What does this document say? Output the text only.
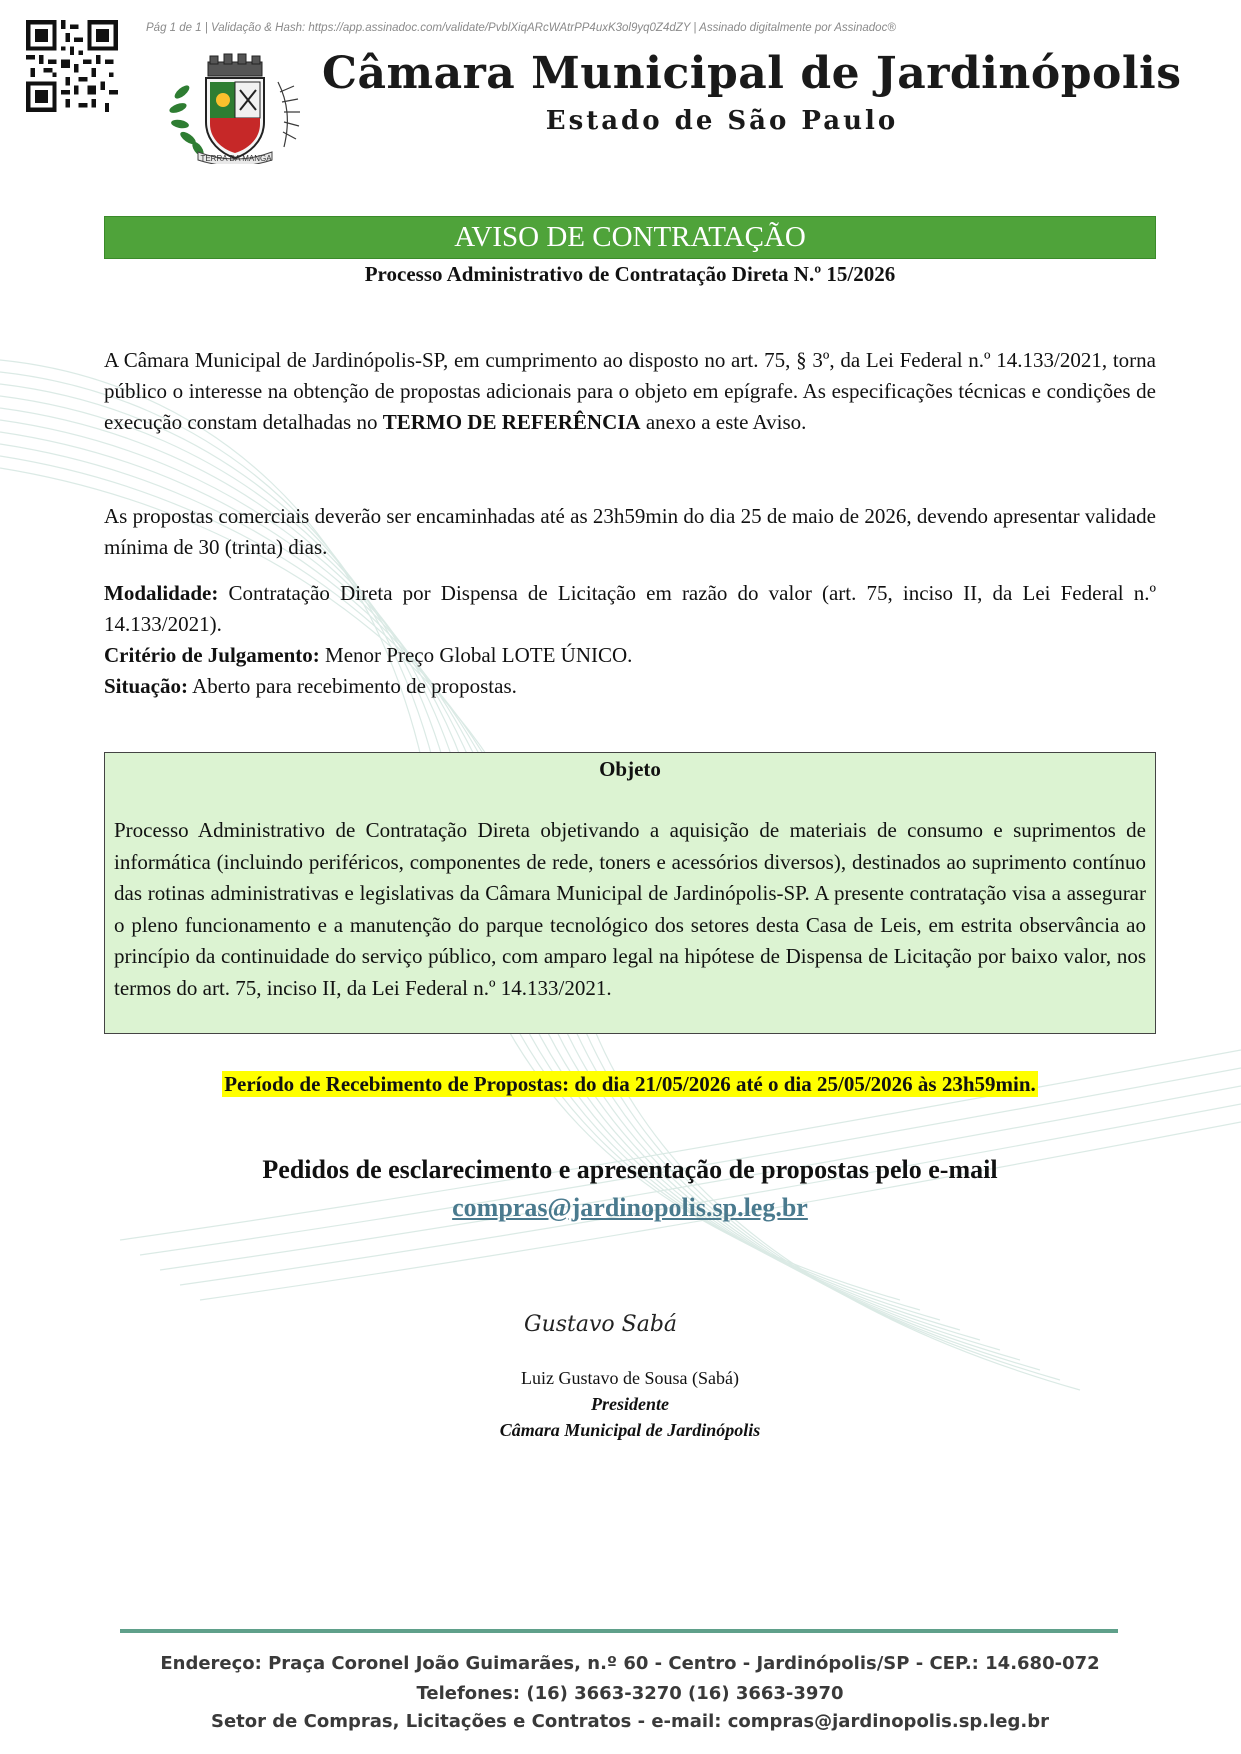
Pág 1 de 1 | Validação & Hash: https://app.assinadoc.com/validate/PvblXiqARcWAtrPP4uxK3ol9yq0Z4dZY | Assinado digitalmente por Assinadoc®
TERRA DA MANGA
Câmara Municipal de Jardinópolis
Estado de São Paulo
AVISO DE CONTRATAÇÃO
Processo Administrativo de Contratação Direta N.º 15/2026
A Câmara Municipal de Jardinópolis-SP, em cumprimento ao disposto no art. 75, § 3º, da Lei Federal n.º 14.133/2021, torna público o interesse na obtenção de propostas adicionais para o objeto em epígrafe. As especificações técnicas e condições de execução constam detalhadas no TERMO DE REFERÊNCIA anexo a este Aviso.
As propostas comerciais deverão ser encaminhadas até as 23h59min do dia 25 de maio de 2026, devendo apresentar validade mínima de 30 (trinta) dias.
Modalidade: Contratação Direta por Dispensa de Licitação em razão do valor (art. 75, inciso II, da Lei Federal n.º 14.133/2021).
Critério de Julgamento: Menor Preço Global LOTE ÚNICO.
Situação: Aberto para recebimento de propostas.
Objeto
Processo Administrativo de Contratação Direta objetivando a aquisição de materiais de consumo e suprimentos de informática (incluindo periféricos, componentes de rede, toners e acessórios diversos), destinados ao suprimento contínuo das rotinas administrativas e legislativas da Câmara Municipal de Jardinópolis-SP. A presente contratação visa a assegurar o pleno funcionamento e a manutenção do parque tecnológico dos setores desta Casa de Leis, em estrita observância ao princípio da continuidade do serviço público, com amparo legal na hipótese de Dispensa de Licitação por baixo valor, nos termos do art. 75, inciso II, da Lei Federal n.º 14.133/2021.
Período de Recebimento de Propostas: do dia 21/05/2026 até o dia 25/05/2026 às 23h59min.
Pedidos de esclarecimento e apresentação de propostas pelo e-mail
compras@jardinopolis.sp.leg.br
Gustavo Sabá
Luiz Gustavo de Sousa (Sabá)
Presidente
Câmara Municipal de Jardinópolis
Endereço: Praça Coronel João Guimarães, n.º 60 - Centro - Jardinópolis/SP - CEP.: 14.680-072
Telefones: (16) 3663-3270 (16) 3663-3970
Setor de Compras, Licitações e Contratos - e-mail: compras@jardinopolis.sp.leg.br
